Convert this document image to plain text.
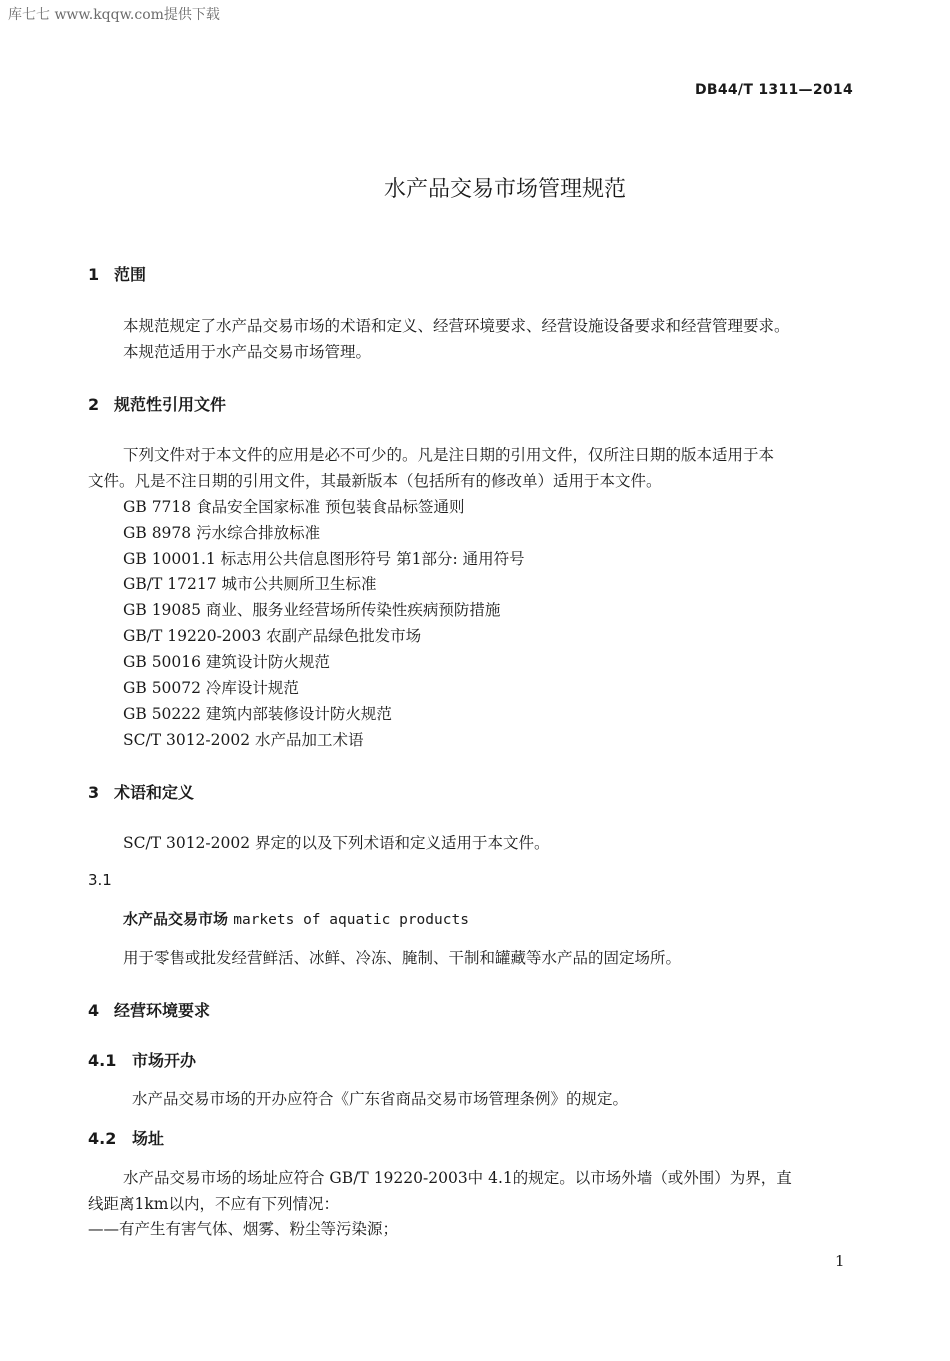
库七七 www.kqqw.com提供下载
DB44/T 1311—2014
水产品交易市场管理规范
1 范围
本规范规定了水产品交易市场的术语和定义、经营环境要求、经营设施设备要求和经营管理要求。
本规范适用于水产品交易市场管理。
2 规范性引用文件
下列文件对于本文件的应用是必不可少的。凡是注日期的引用文件，仅所注日期的版本适用于本
文件。凡是不注日期的引用文件，其最新版本（包括所有的修改单）适用于本文件。
GB 7718 食品安全国家标准 预包装食品标签通则
GB 8978 污水综合排放标准
GB 10001.1 标志用公共信息图形符号 第1部分: 通用符号
GB/T 17217 城市公共厕所卫生标准
GB 19085 商业、服务业经营场所传染性疾病预防措施
GB/T 19220-2003 农副产品绿色批发市场
GB 50016 建筑设计防火规范
GB 50072 冷库设计规范
GB 50222 建筑内部装修设计防火规范
SC/T 3012-2002 水产品加工术语
3 术语和定义
SC/T 3012-2002 界定的以及下列术语和定义适用于本文件。
3.1
水产品交易市场 markets of aquatic products
用于零售或批发经营鲜活、冰鲜、冷冻、腌制、干制和罐藏等水产品的固定场所。
4 经营环境要求
4.1 市场开办
水产品交易市场的开办应符合《广东省商品交易市场管理条例》的规定。
4.2 场址
水产品交易市场的场址应符合 GB/T 19220-2003中 4.1的规定。以市场外墙（或外围）为界，直
线距离1km以内，不应有下列情况：
——有产生有害气体、烟雾、粉尘等污染源；
1
